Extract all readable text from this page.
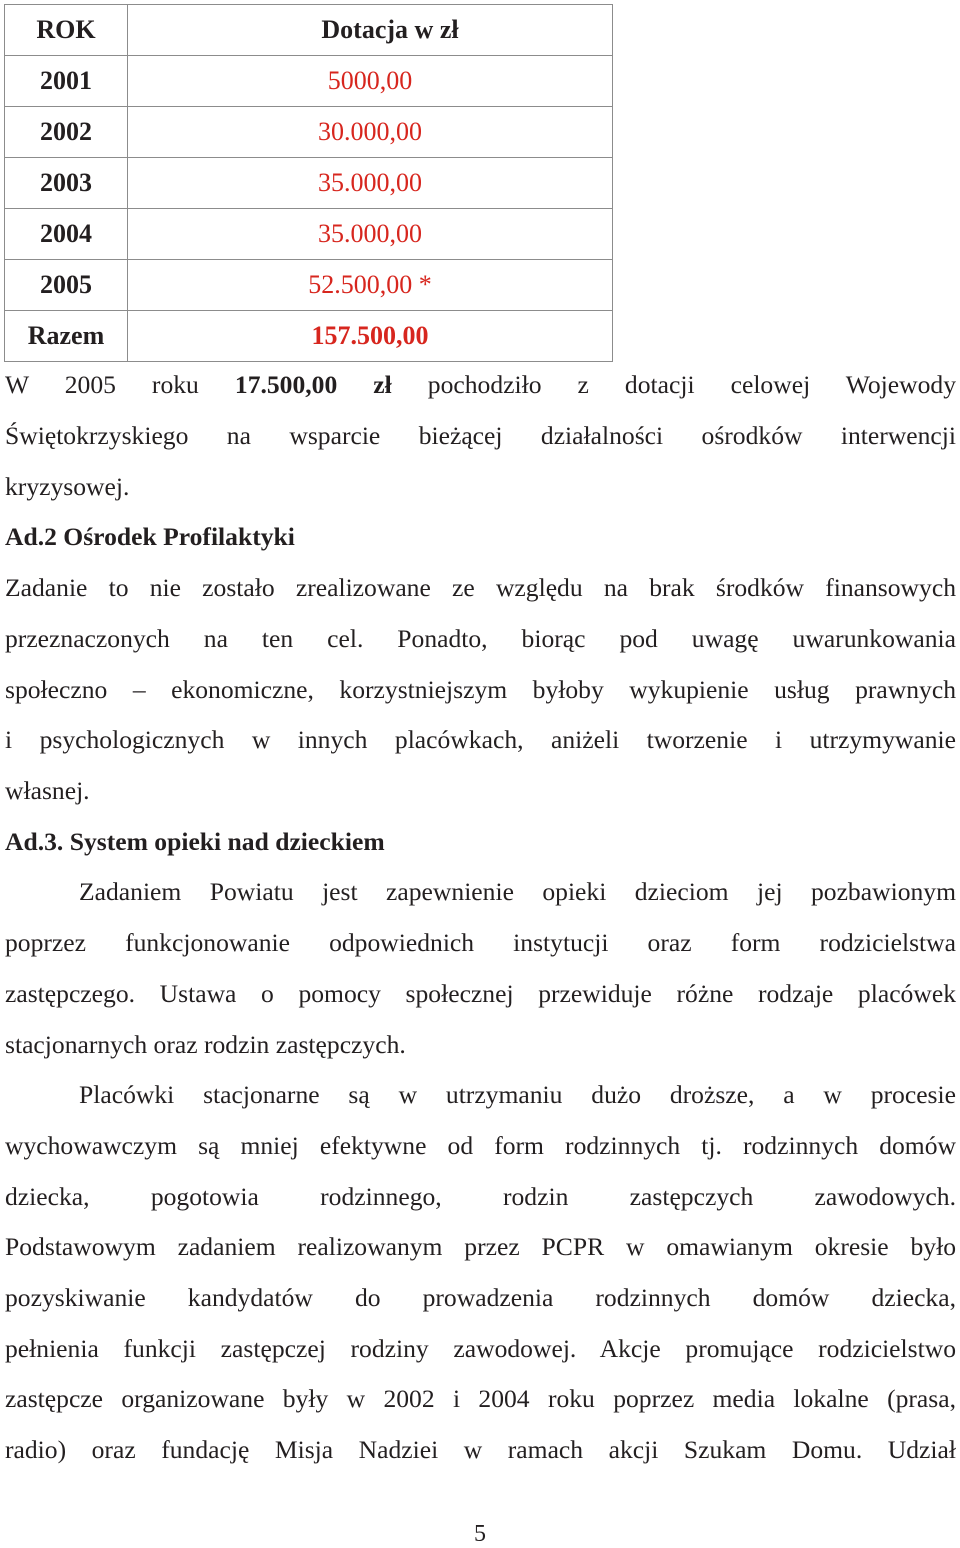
ROK	Dotacja w zł
2001	5000,00
2002	30.000,00
2003	35.000,00
2004	35.000,00
2005	52.500,00 *
Razem	157.500,00
W 2005 roku 17.500,00 zł pochodziło z dotacji celowej Wojewody
Świętokrzyskiego na wsparcie bieżącej działalności ośrodków interwencji
kryzysowej.
Ad.2 Ośrodek Profilaktyki
Zadanie to nie zostało zrealizowane ze względu na brak środków finansowych
przeznaczonych na ten cel. Ponadto, biorąc pod uwagę uwarunkowania
społeczno – ekonomiczne, korzystniejszym byłoby wykupienie usług prawnych
i psychologicznych w innych placówkach, aniżeli tworzenie i utrzymywanie
własnej.
Ad.3. System opieki nad dzieckiem
Zadaniem Powiatu jest zapewnienie opieki dzieciom jej pozbawionym
poprzez funkcjonowanie odpowiednich instytucji oraz form rodzicielstwa
zastępczego. Ustawa o pomocy społecznej przewiduje różne rodzaje placówek
stacjonarnych oraz rodzin zastępczych.
Placówki stacjonarne są w utrzymaniu dużo droższe, a w procesie
wychowawczym są mniej efektywne od form rodzinnych tj. rodzinnych domów
dziecka, pogotowia rodzinnego, rodzin zastępczych zawodowych.
Podstawowym zadaniem realizowanym przez PCPR w omawianym okresie było
pozyskiwanie kandydatów do prowadzenia rodzinnych domów dziecka,
pełnienia funkcji zastępczej rodziny zawodowej. Akcje promujące rodzicielstwo
zastępcze organizowane były w 2002 i 2004 roku poprzez media lokalne (prasa,
radio) oraz fundację Misja Nadziei w ramach akcji Szukam Domu. Udział
5
